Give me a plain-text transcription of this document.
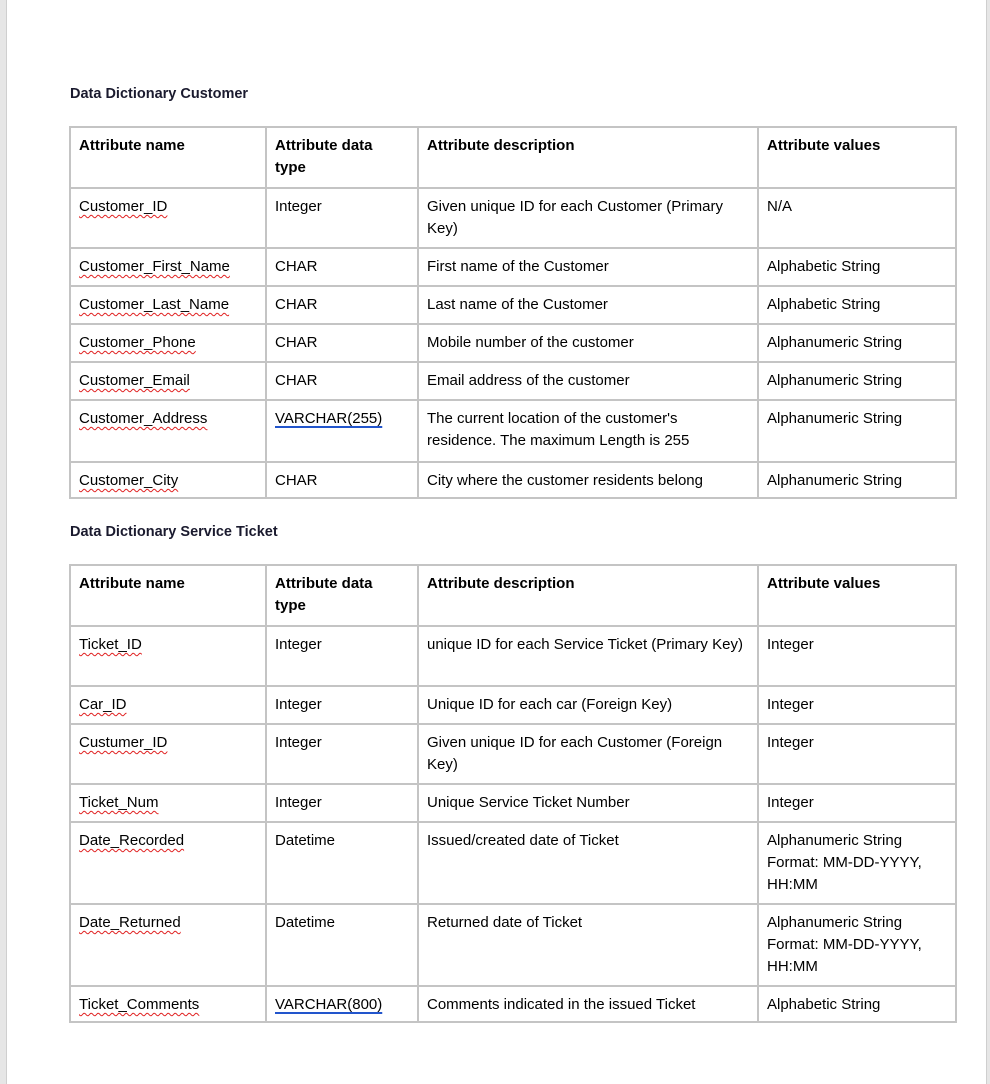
Data Dictionary Customer
Attribute name	Attribute data type	Attribute description	Attribute values
Customer_ID	Integer	Given unique ID for each Customer (Primary Key)	N/A
Customer_First_Name	CHAR	First name of the Customer	Alphabetic String
Customer_Last_Name	CHAR	Last name of the Customer	Alphabetic String
Customer_Phone	CHAR	Mobile number of the customer	Alphanumeric String
Customer_Email	CHAR	Email address of the customer	Alphanumeric String
Customer_Address	VARCHAR(255)	The current location of the customer's residence. The maximum Length is 255	Alphanumeric String
Customer_City	CHAR	City where the customer residents belong	Alphanumeric String
Data Dictionary Service Ticket
Attribute name	Attribute data type	Attribute description	Attribute values
Ticket_ID	Integer	unique ID for each Service Ticket (Primary Key)	Integer
Car_ID	Integer	Unique ID for each car (Foreign Key)	Integer
Custumer_ID	Integer	Given unique ID for each Customer (Foreign Key)	Integer
Ticket_Num	Integer	Unique Service Ticket Number	Integer
Date_Recorded	Datetime	Issued/created date of Ticket	Alphanumeric String Format: MM-DD-YYYY, HH:MM
Date_Returned	Datetime	Returned date of Ticket	Alphanumeric String Format: MM-DD-YYYY, HH:MM
Ticket_Comments	VARCHAR(800)	Comments indicated in the issued Ticket	Alphabetic String
